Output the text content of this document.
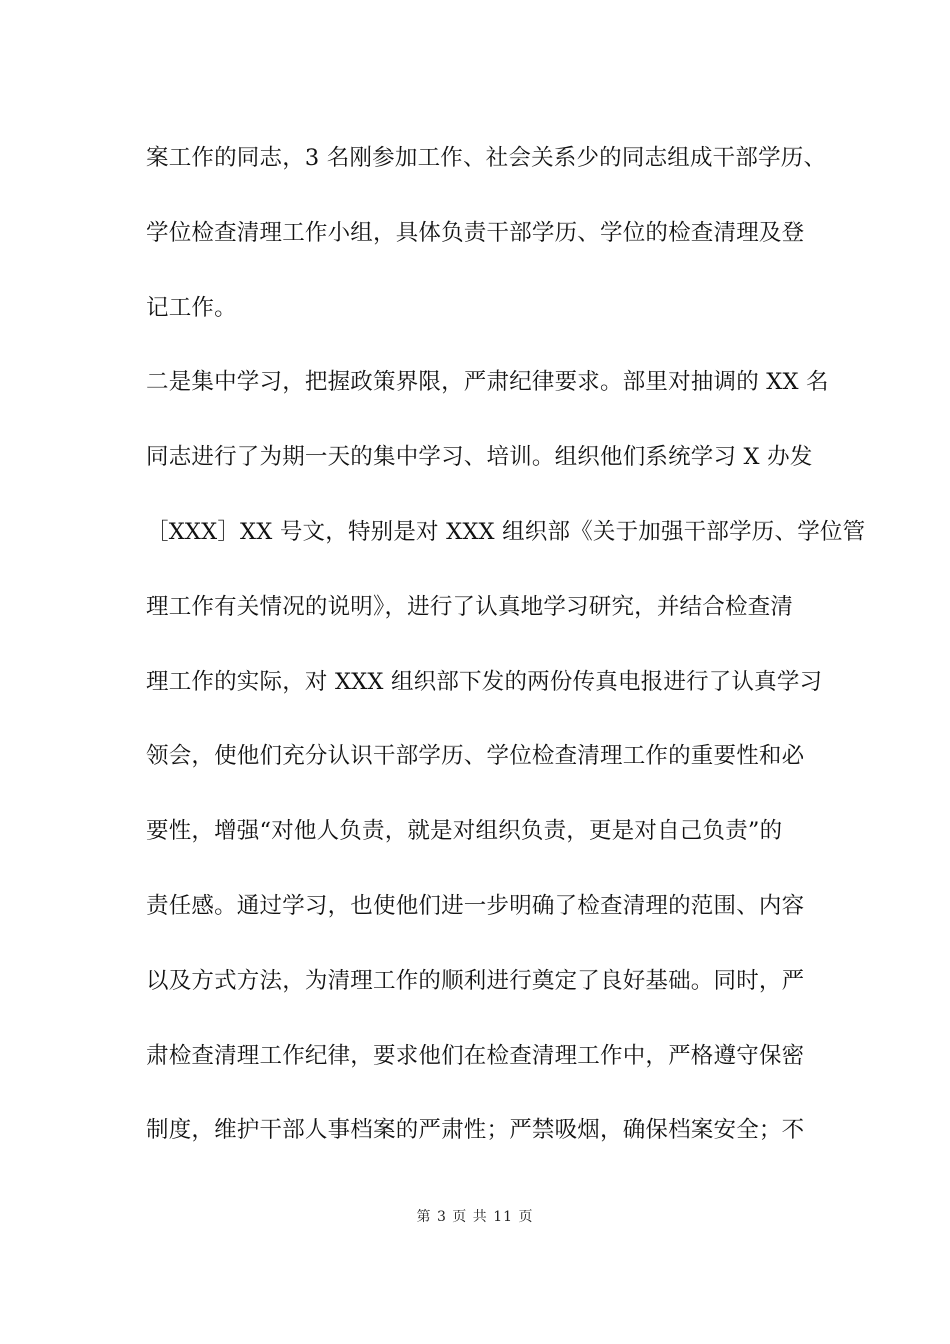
案工作的同志，3 名刚参加工作、社会关系少的同志组成干部学历、
学位检查清理工作小组，具体负责干部学历、学位的检查清理及登
记工作。
二是集中学习，把握政策界限，严肃纪律要求。部里对抽调的 XX 名
同志进行了为期一天的集中学习、培训。组织他们系统学习 X 办发
［XXX］XX 号文，特别是对 XXX 组织部《关于加强干部学历、学位管
理工作有关情况的说明》，进行了认真地学习研究，并结合检查清
理工作的实际，对 XXX 组织部下发的两份传真电报进行了认真学习
领会，使他们充分认识干部学历、学位检查清理工作的重要性和必
要性，增强“对他人负责，就是对组织负责，更是对自己负责”的
责任感。通过学习，也使他们进一步明确了检查清理的范围、内容
以及方式方法，为清理工作的顺利进行奠定了良好基础。同时，严
肃检查清理工作纪律，要求他们在检查清理工作中，严格遵守保密
制度，维护干部人事档案的严肃性；严禁吸烟，确保档案安全；不
第 3 页 共 11 页
